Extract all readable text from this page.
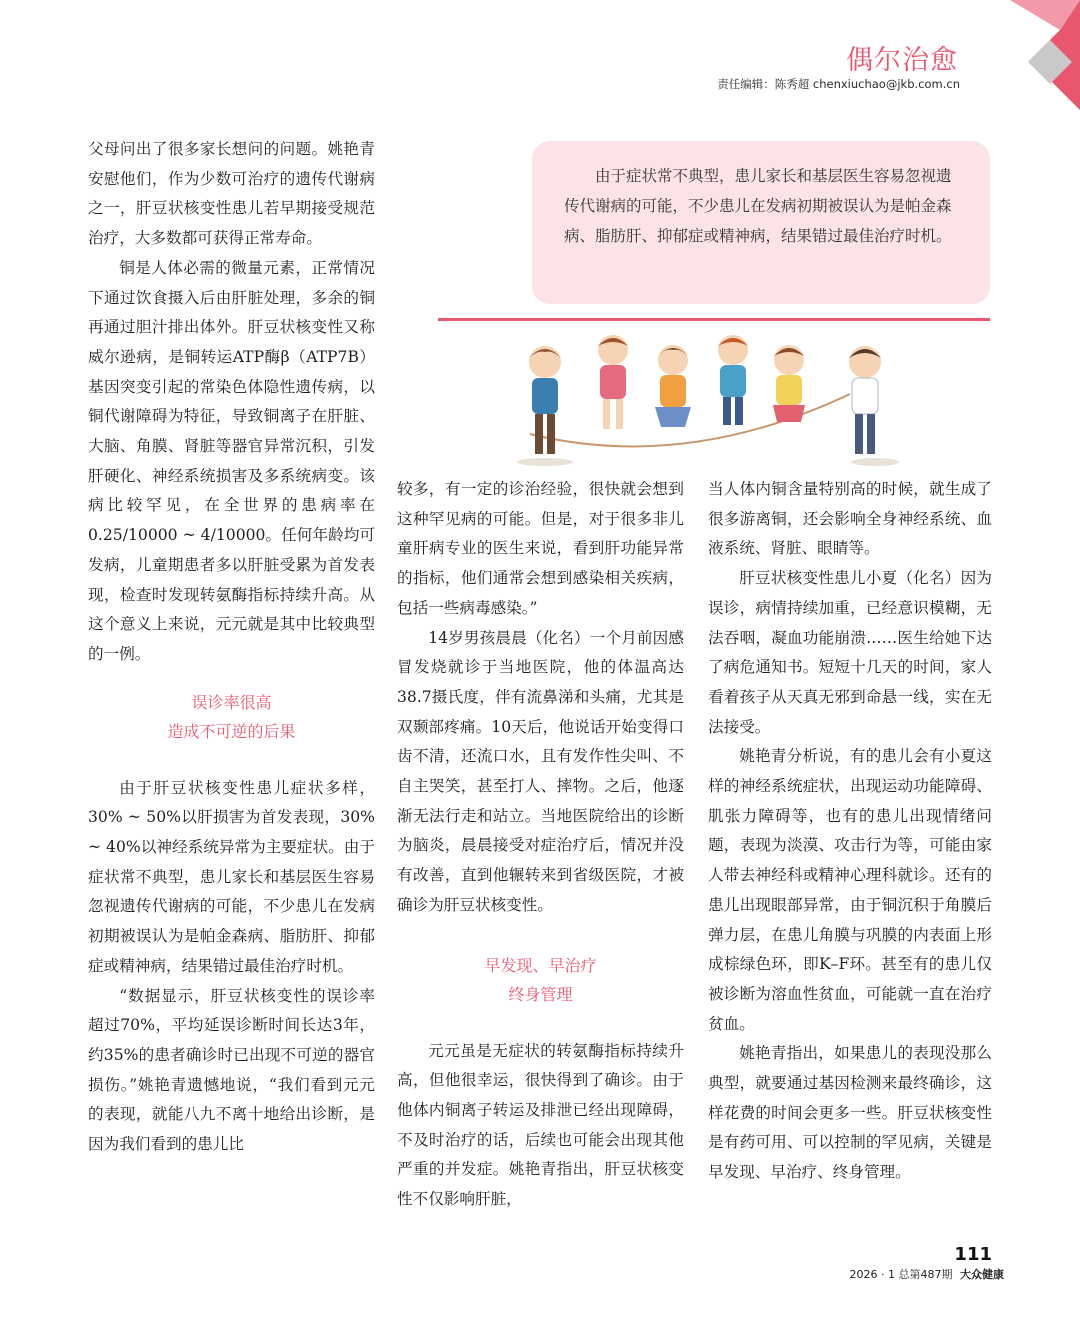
偶尔治愈
责任编辑：陈秀超 chenxiuchao@jkb.com.cn

父母问出了很多家长想问的问题。姚艳青安慰他们，作为少数可治疗的遗传代谢病之一，肝豆状核变性患儿若早期接受规范治疗，大多数都可获得正常寿命。

铜是人体必需的微量元素，正常情况下通过饮食摄入后由肝脏处理，多余的铜再通过胆汁排出体外。肝豆状核变性又称威尔逊病，是铜转运ATP酶β（ATP7B）基因突变引起的常染色体隐性遗传病，以铜代谢障碍为特征，导致铜离子在肝脏、大脑、角膜、肾脏等器官异常沉积，引发肝硬化、神经系统损害及多系统病变。该病比较罕见，在全世界的患病率在0.25/10000 ~ 4/10000。任何年龄均可发病，儿童期患者多以肝脏受累为首发表现，检查时发现转氨酶指标持续升高。从这个意义上来说，元元就是其中比较典型的一例。

误诊率很高
造成不可逆的后果

由于肝豆状核变性患儿症状多样，30% ~ 50%以肝损害为首发表现，30% ~ 40%以神经系统异常为主要症状。由于症状常不典型，患儿家长和基层医生容易忽视遗传代谢病的可能，不少患儿在发病初期被误认为是帕金森病、脂肪肝、抑郁症或精神病，结果错过最佳治疗时机。

“数据显示，肝豆状核变性的误诊率超过70%，平均延误诊断时间长达3年，约35%的患者确诊时已出现不可逆的器官损伤。”姚艳青遗憾地说，“我们看到元元的表现，就能八九不离十地给出诊断，是因为我们看到的患儿比

由于症状常不典型，患儿家长和基层医生容易忽视遗传代谢病的可能，不少患儿在发病初期被误认为是帕金森病、脂肪肝、抑郁症或精神病，结果错过最佳治疗时机。

较多，有一定的诊治经验，很快就会想到这种罕见病的可能。但是，对于很多非儿童肝病专业的医生来说，看到肝功能异常的指标，他们通常会想到感染相关疾病，包括一些病毒感染。”

14岁男孩晨晨（化名）一个月前因感冒发烧就诊于当地医院，他的体温高达38.7摄氏度，伴有流鼻涕和头痛，尤其是双颞部疼痛。10天后，他说话开始变得口齿不清，还流口水，且有发作性尖叫、不自主哭笑，甚至打人、摔物。之后，他逐渐无法行走和站立。当地医院给出的诊断为脑炎，晨晨接受对症治疗后，情况并没有改善，直到他辗转来到省级医院，才被确诊为肝豆状核变性。

早发现、早治疗
终身管理

元元虽是无症状的转氨酶指标持续升高，但他很幸运，很快得到了确诊。由于他体内铜离子转运及排泄已经出现障碍，不及时治疗的话，后续也可能会出现其他严重的并发症。姚艳青指出，肝豆状核变性不仅影响肝脏，

当人体内铜含量特别高的时候，就生成了很多游离铜，还会影响全身神经系统、血液系统、肾脏、眼睛等。

肝豆状核变性患儿小夏（化名）因为误诊，病情持续加重，已经意识模糊，无法吞咽，凝血功能崩溃……医生给她下达了病危通知书。短短十几天的时间，家人看着孩子从天真无邪到命悬一线，实在无法接受。

姚艳青分析说，有的患儿会有小夏这样的神经系统症状，出现运动功能障碍、肌张力障碍等，也有的患儿出现情绪问题，表现为淡漠、攻击行为等，可能由家人带去神经科或精神心理科就诊。还有的患儿出现眼部异常，由于铜沉积于角膜后弹力层，在患儿角膜与巩膜的内表面上形成棕绿色环，即K–F环。甚至有的患儿仅被诊断为溶血性贫血，可能就一直在治疗贫血。

姚艳青指出，如果患儿的表现没那么典型，就要通过基因检测来最终确诊，这样花费的时间会更多一些。肝豆状核变性是有药可用、可以控制的罕见病，关键是早发现、早治疗、终身管理。

111
2026 · 1 总第487期 大众健康
